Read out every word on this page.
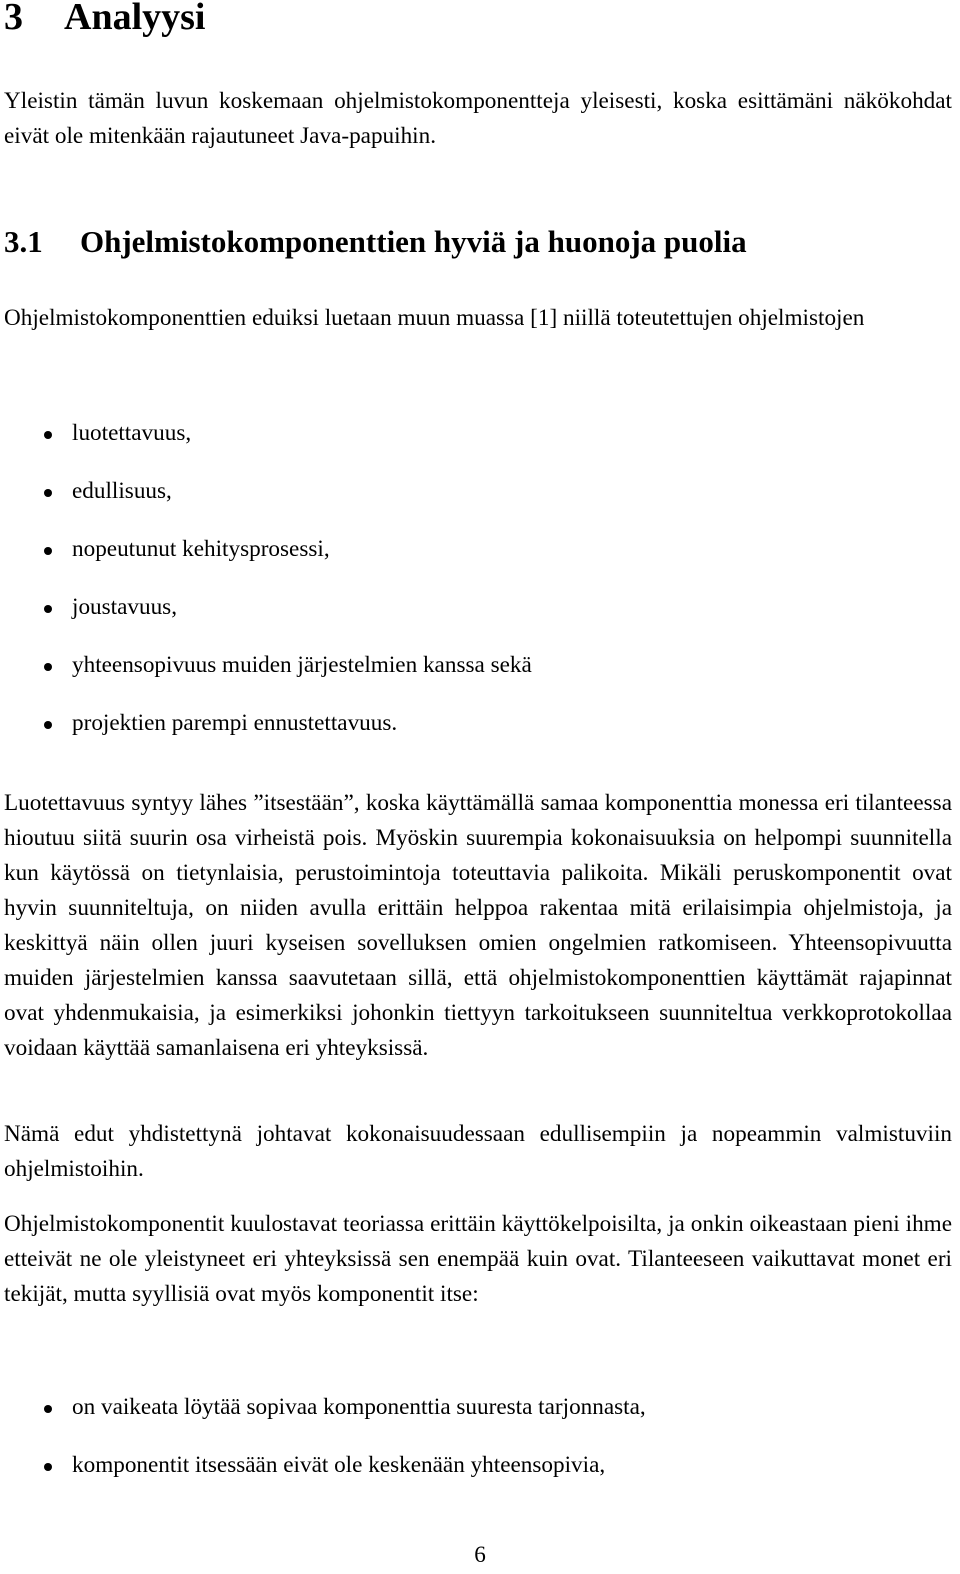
3 Analyysi

Yleistin tämän luvun koskemaan ohjelmistokomponentteja yleisesti, koska esittämäni näkökohdat eivät ole mitenkään rajautuneet Java-papuihin.

3.1 Ohjelmistokomponenttien hyviä ja huonoja puolia

Ohjelmistokomponenttien eduiksi luetaan muun muassa [1] niillä toteutettujen ohjelmistojen

luotettavuus,
edullisuus,
nopeutunut kehitysprosessi,
joustavuus,
yhteensopivuus muiden järjestelmien kanssa sekä
projektien parempi ennustettavuus.

Luotettavuus syntyy lähes ”itsestään”, koska käyttämällä samaa komponenttia monessa eri tilanteessa hioutuu siitä suurin osa virheistä pois. Myöskin suurempia kokonaisuuksia on helpompi suunnitella kun käytössä on tietynlaisia, perustoimintoja toteuttavia palikoita. Mikäli peruskomponentit ovat hyvin suunniteltuja, on niiden avulla erittäin helppoa rakentaa mitä erilaisimpia ohjelmistoja, ja keskittyä näin ollen juuri kyseisen sovelluksen omien ongelmien ratkomiseen. Yhteensopivuutta muiden järjestelmien kanssa saavutetaan sillä, että ohjelmistokomponenttien käyttämät rajapinnat ovat yhdenmukaisia, ja esimerkiksi johonkin tiettyyn tarkoitukseen suunniteltua verkkoprotokollaa voidaan käyttää samanlaisena eri yhteyksissä.

Nämä edut yhdistettynä johtavat kokonaisuudessaan edullisempiin ja nopeammin valmistuviin ohjelmistoihin.

Ohjelmistokomponentit kuulostavat teoriassa erittäin käyttökelpoisilta, ja onkin oikeastaan pieni ihme etteivät ne ole yleistyneet eri yhteyksissä sen enempää kuin ovat. Tilanteeseen vaikuttavat monet eri tekijät, mutta syyllisiä ovat myös komponentit itse:

on vaikeata löytää sopivaa komponenttia suuresta tarjonnasta,
komponentit itsessään eivät ole keskenään yhteensopivia,
6
